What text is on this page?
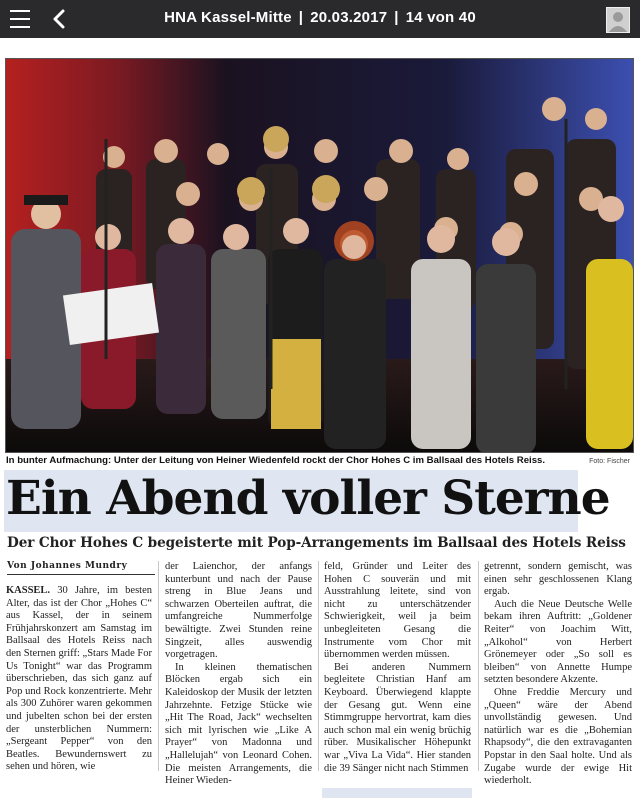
HNA Kassel-Mitte | 20.03.2017 | 14 von 40
In bunter Aufmachung: Unter der Leitung von Heiner Wiedenfeld rockt der Chor Hohes C im Ballsaal des Hotels Reiss.	Foto: Fischer
Ein Abend voller Sterne
Der Chor Hohes C begeisterte mit Pop-Arrangements im Ballsaal des Hotels Reiss
Von Johannes Mundry

KASSEL. 30 Jahre, im besten Alter, das ist der Chor „Hohes C“ aus Kassel, der in seinem Frühjahrskonzert am Samstag im Ballsaal des Hotels Reiss nach den Sternen griff: „Stars Made For Us Tonight“ war das Programm überschrieben, das sich ganz auf Pop und Rock konzentrierte. Mehr als 300 Zuhörer waren gekommen und jubelten schon bei der ersten der unsterblichen Nummern: „Sergeant Pepper“ von den Beatles. Bewundernswert zu sehen und hören, wie

der Laienchor, der anfangs kunterbunt und nach der Pause streng in Blue Jeans und schwarzen Oberteilen auftrat, die umfangreiche Nummerfolge bewältigte. Zwei Stunden reine Singzeit, alles auswendig vorgetragen.

In kleinen thematischen Blöcken ergab sich ein Kaleidoskop der Musik der letzten Jahrzehnte. Fetzige Stücke wie „Hit The Road, Jack“ wechselten sich mit lyrischen wie „Like A Prayer“ von Madonna und „Hallelujah“ von Leonard Cohen. Die meisten Arrangements, die Heiner Wieden-

feld, Gründer und Leiter des Hohen C souverän und mit Ausstrahlung leitete, sind von nicht zu unterschätzender Schwierigkeit, weil ja beim unbegleiteten Gesang die Instrumente vom Chor mit übernommen werden müssen.

Bei anderen Nummern begleitete Christian Hanf am Keyboard. Überwiegend klappte der Gesang gut. Wenn eine Stimmgruppe hervortrat, kam dies auch schon mal ein wenig brüchig rüber. Musikalischer Höhepunkt war „Viva La Vida“. Hier standen die 39 Sänger nicht nach Stimmen

getrennt, sondern gemischt, was einen sehr geschlossenen Klang ergab.

Auch die Neue Deutsche Welle bekam ihren Auftritt: „Goldener Reiter“ von Joachim Witt, „Alkohol“ von Herbert Grönemeyer oder „So soll es bleiben“ von Annette Humpe setzten besondere Akzente.

Ohne Freddie Mercury und „Queen“ wäre der Abend unvollständig gewesen. Und natürlich war es die „Bohemian Rhapsody“, die den extravaganten Popstar in den Saal holte. Und als Zugabe wurde der ewige Hit wiederholt.
